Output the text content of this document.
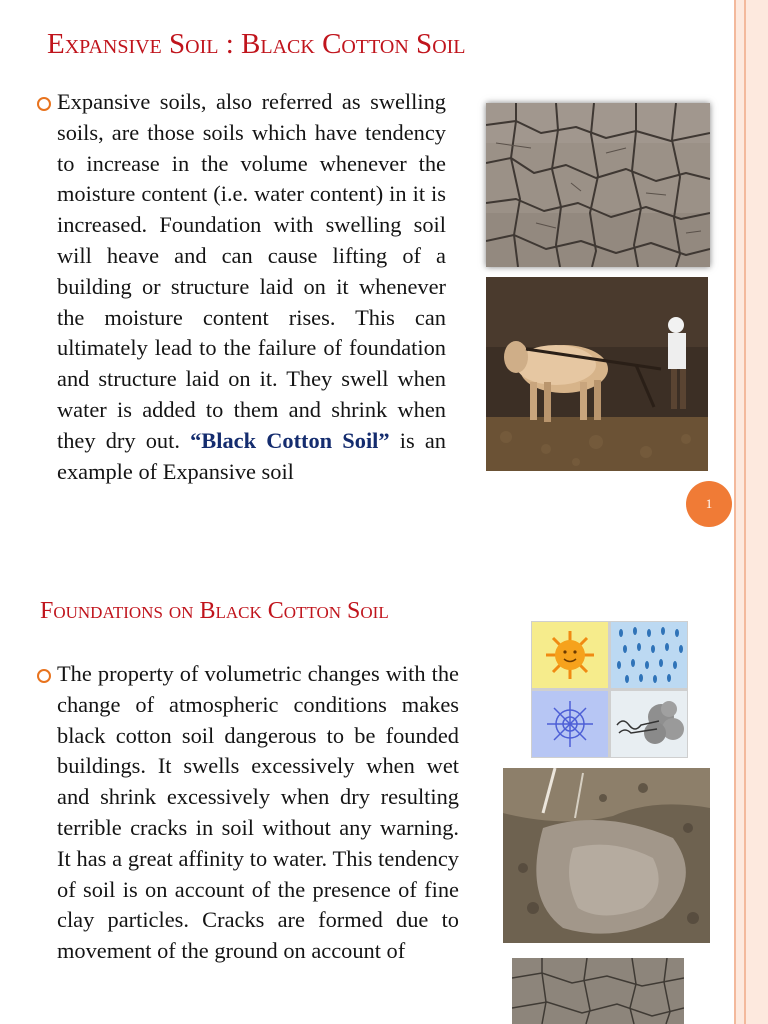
Expansive Soil : Black Cotton Soil

Expansive soils, also referred as swelling soils, are those soils which have tendency to increase in the volume whenever the moisture content (i.e. water content) in it is increased. Foundation with swelling soil will heave and can cause lifting of a building or structure laid on it whenever the moisture content rises. This can ultimately lead to the failure of foundation and structure laid on it. They swell when water is added to them and shrink when they dry out. “Black Cotton Soil” is an example of Expansive soil

1
Foundations on Black Cotton Soil

The property of volumetric changes with the change of atmospheric conditions makes black cotton soil dangerous to be founded buildings. It swells excessively when wet and shrink excessively when dry resulting terrible cracks in soil without any warning. It has a great affinity to water. This tendency of soil is on account of the presence of fine clay particles. Cracks are formed due to movement of the ground on account of
